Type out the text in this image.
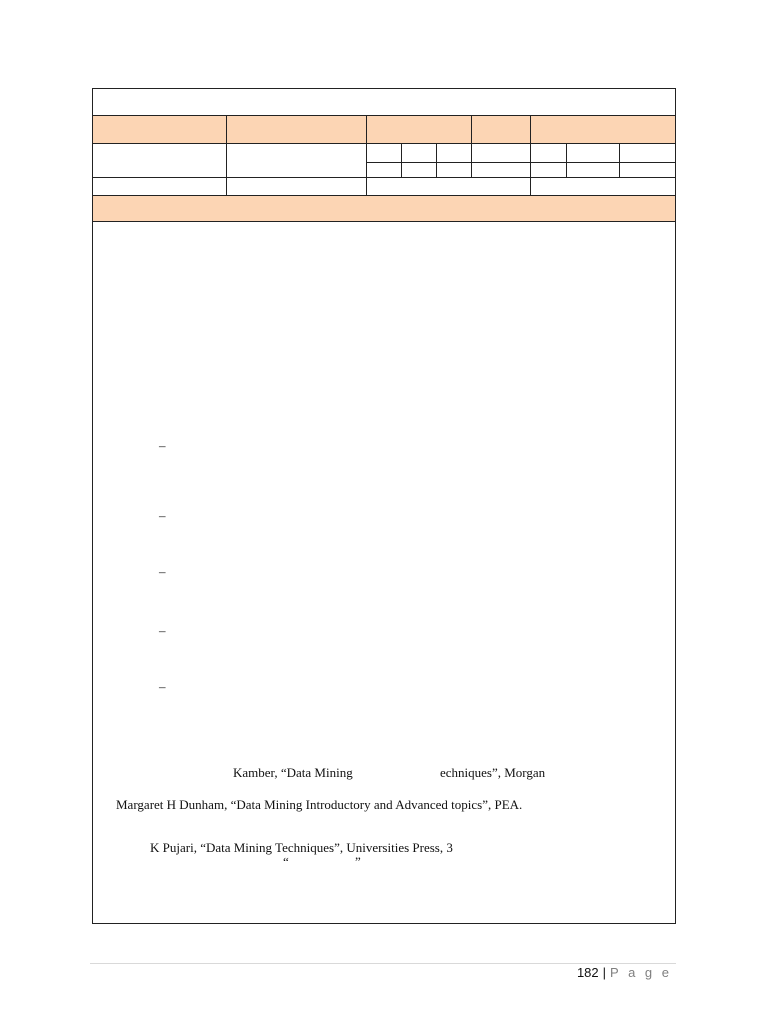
–
–
–
–
–
Kamber, “Data Mining	echniques”, Morgan
Margaret H Dunham, “Data Mining Introductory and Advanced topics”, PEA.
K Pujari, “Data Mining Techniques”, Universities Press, 3
“	”
182 | P a g e
